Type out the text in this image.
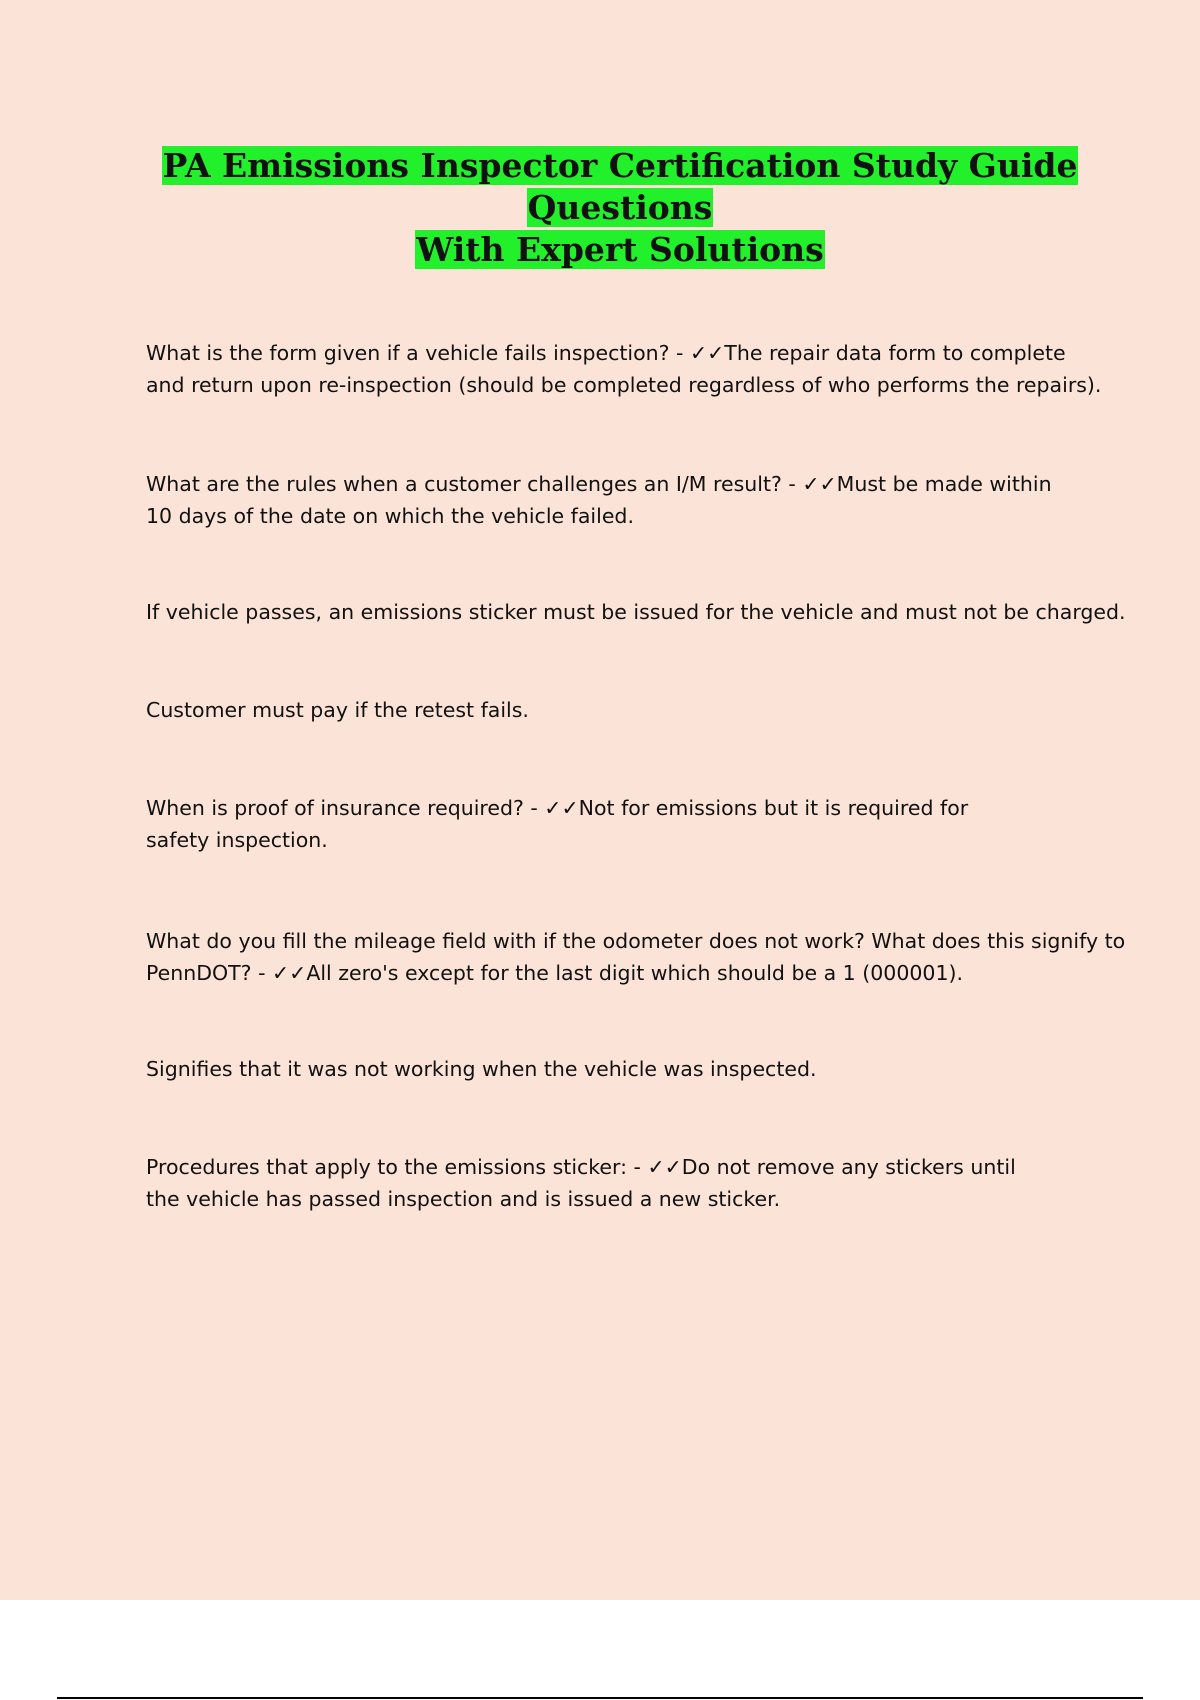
PA Emissions Inspector Certification Study Guide Questions
With Expert Solutions

What is the form given if a vehicle fails inspection? - ✓✓The repair data form to complete
and return upon re-inspection (should be completed regardless of who performs the repairs).

What are the rules when a customer challenges an I/M result? - ✓✓Must be made within
10 days of the date on which the vehicle failed.

If vehicle passes, an emissions sticker must be issued for the vehicle and must not be charged.

Customer must pay if the retest fails.

When is proof of insurance required? - ✓✓Not for emissions but it is required for
safety inspection.

What do you fill the mileage field with if the odometer does not work? What does this signify to
PennDOT? - ✓✓All zero's except for the last digit which should be a 1 (000001).

Signifies that it was not working when the vehicle was inspected.

Procedures that apply to the emissions sticker: - ✓✓Do not remove any stickers until
the vehicle has passed inspection and is issued a new sticker.
